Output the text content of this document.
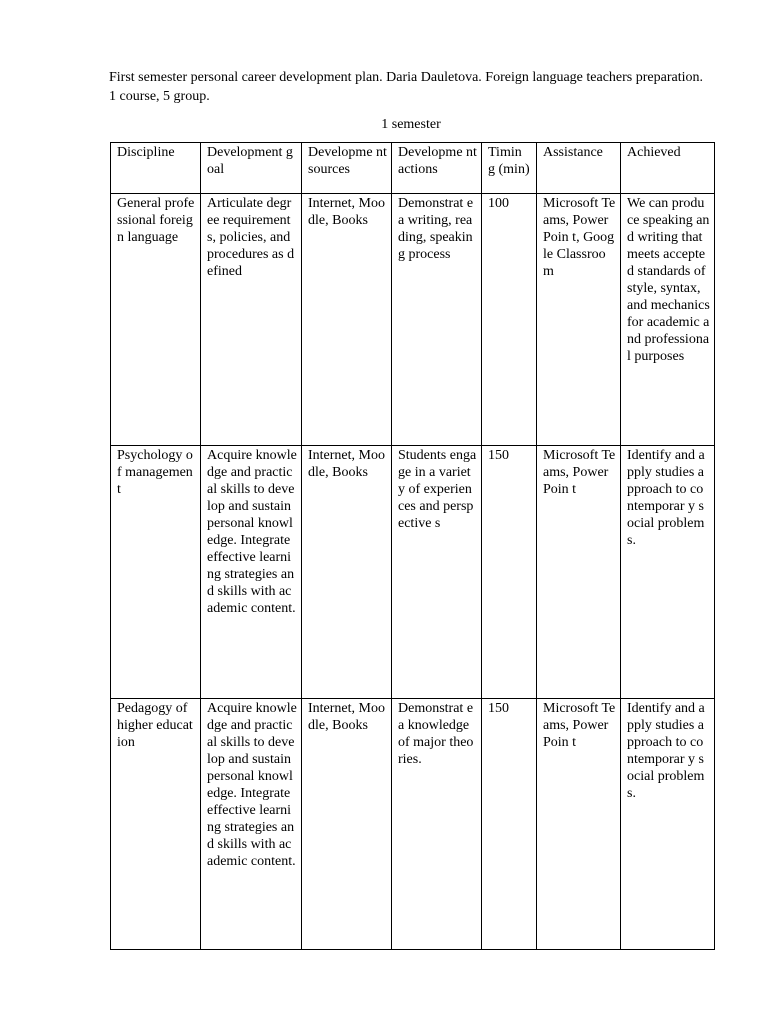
First semester personal career development plan. Daria Dauletova. Foreign language teachers preparation. 1 course, 5 group.

1 semester
Discipline	Development goal	Developme nt sources	Developme nt actions	Timin g (min)	Assistance	Achieved
General professional foreign language	Articulate degree requirements, policies, and procedures as defined	Internet, Moodle, Books	Demonstrat e a writing, reading, speaking process	100	Microsoft Teams, PowerPoin t, Google Classroom	We can produce speaking and writing that meets accepted standards of style, syntax, and mechanics for academic and professional purposes
Psychology of managemen t	Acquire knowledge and practical skills to develop and sustain personal knowledge. Integrate effective learning strategies and skills with academic content.	Internet, Moodle, Books	Students engage in a variety of experiences and perspective s	150	Microsoft Teams, PowerPoin t	Identify and apply studies approach to contemporar y social problems.
Pedagogy of higher education	Acquire knowledge and practical skills to develop and sustain personal knowledge. Integrate effective learning strategies and skills with academic content.	Internet, Moodle, Books	Demonstrat e a knowledge of major theories.	150	Microsoft Teams, PowerPoin t	Identify and apply studies approach to contemporar y social problems.
